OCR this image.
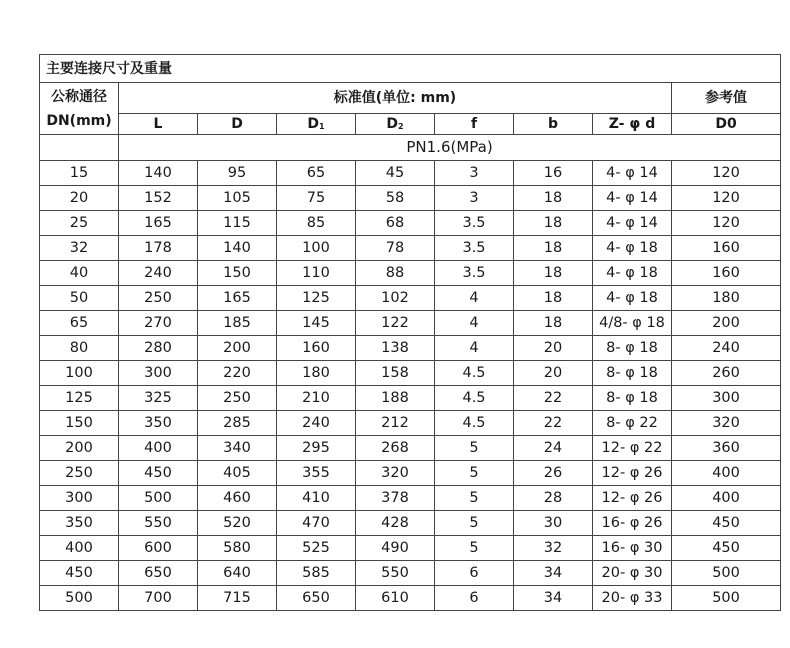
主要连接尺寸及重量								
公称通径
DN(mm)	标准值(单位: mm)							参考值
	L	D	$D_1$	$D_2$	f	b	Z- φ d	D0
	PN1.6(MPa)							
15	140	95	65	45	3	16	4- φ 14	120
20	152	105	75	58	3	18	4- φ 14	120
25	165	115	85	68	3.5	18	4- φ 14	120
32	178	140	100	78	3.5	18	4- φ 18	160
40	240	150	110	88	3.5	18	4- φ 18	160
50	250	165	125	102	4	18	4- φ 18	180
65	270	185	145	122	4	18	4/8- φ 18	200
80	280	200	160	138	4	20	8- φ 18	240
100	300	220	180	158	4.5	20	8- φ 18	260
125	325	250	210	188	4.5	22	8- φ 18	300
150	350	285	240	212	4.5	22	8- φ 22	320
200	400	340	295	268	5	24	12- φ 22	360
250	450	405	355	320	5	26	12- φ 26	400
300	500	460	410	378	5	28	12- φ 26	400
350	550	520	470	428	5	30	16- φ 26	450
400	600	580	525	490	5	32	16- φ 30	450
450	650	640	585	550	6	34	20- φ 30	500
500	700	715	650	610	6	34	20- φ 33	500
